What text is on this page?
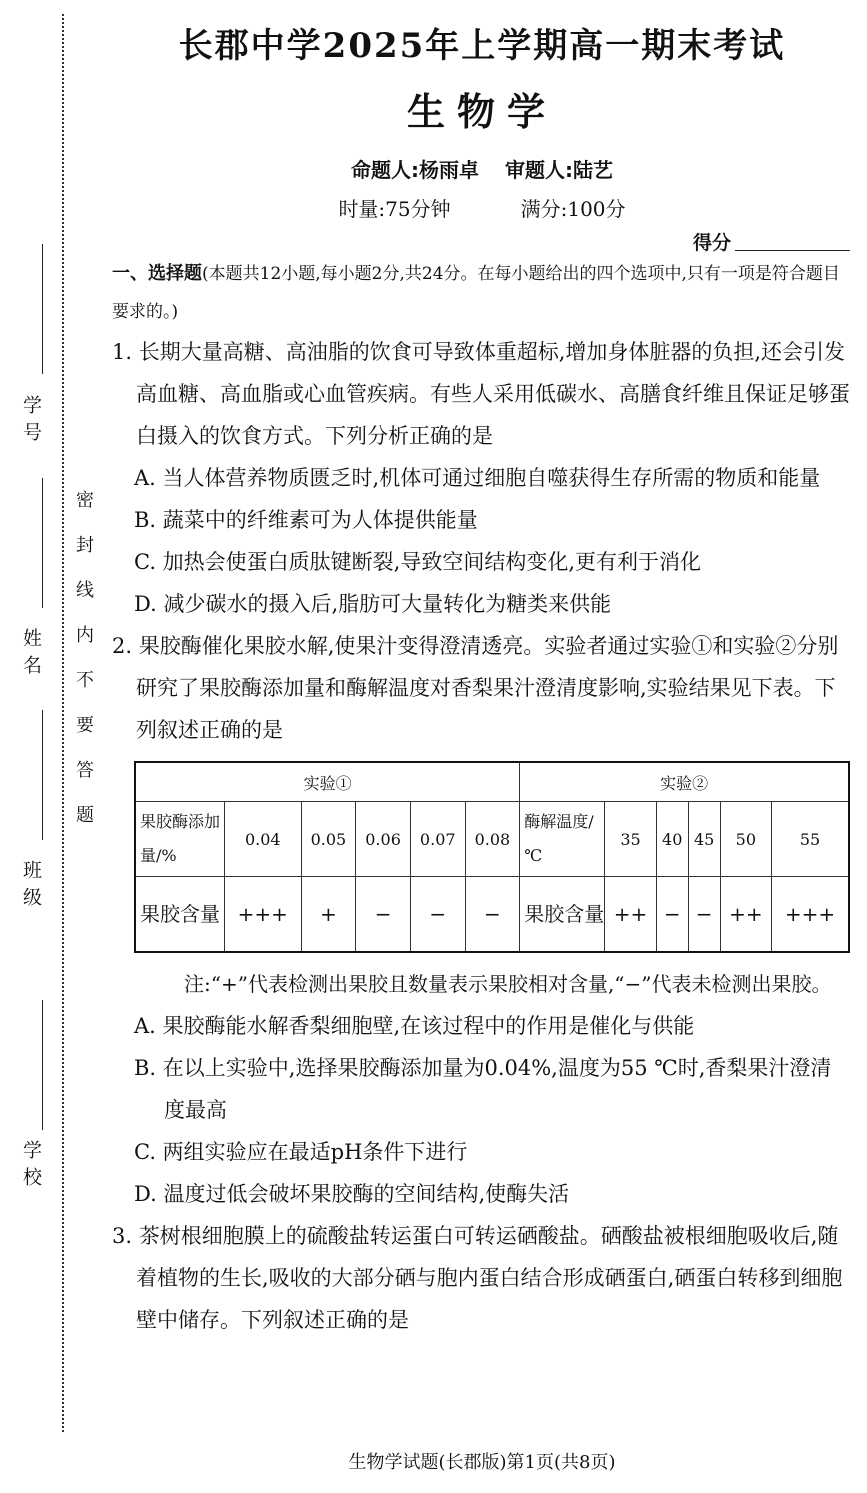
学号
姓名
班级
学校
密封线内不要答题
长郡中学2025年上学期高一期末考试
生物学
命题人:杨雨卓 审题人:陆艺
时量:75分钟	满分:100分
得分
一、选择题(本题共12小题,每小题2分,共24分。在每小题给出的四个选项中,只有一项是符合题目要求的。)

1. 长期大量高糖、高油脂的饮食可导致体重超标,增加身体脏器的负担,还会引发高血糖、高血脂或心血管疾病。有些人采用低碳水、高膳食纤维且保证足够蛋白摄入的饮食方式。下列分析正确的是

A. 当人体营养物质匮乏时,机体可通过细胞自噬获得生存所需的物质和能量

B. 蔬菜中的纤维素可为人体提供能量

C. 加热会使蛋白质肽键断裂,导致空间结构变化,更有利于消化

D. 减少碳水的摄入后,脂肪可大量转化为糖类来供能

2. 果胶酶催化果胶水解,使果汁变得澄清透亮。实验者通过实验①和实验②分别研究了果胶酶添加量和酶解温度对香梨果汁澄清度影响,实验结果见下表。下列叙述正确的是

实验①						实验②					
果胶酶添加量/%	0.04	0.05	0.06	0.07	0.08	酶解温度/℃	35	40	45	50	55
果胶含量	+++	+	−	−	−	果胶含量	++	−	−	++	+++

注:“+”代表检测出果胶且数量表示果胶相对含量,“−”代表未检测出果胶。

A. 果胶酶能水解香梨细胞壁,在该过程中的作用是催化与供能

B. 在以上实验中,选择果胶酶添加量为0.04%,温度为55 ℃时,香梨果汁澄清度最高

C. 两组实验应在最适pH条件下进行

D. 温度过低会破坏果胶酶的空间结构,使酶失活

3. 茶树根细胞膜上的硫酸盐转运蛋白可转运硒酸盐。硒酸盐被根细胞吸收后,随着植物的生长,吸收的大部分硒与胞内蛋白结合形成硒蛋白,硒蛋白转移到细胞壁中储存。下列叙述正确的是

生物学试题(长郡版)第1页(共8页)
